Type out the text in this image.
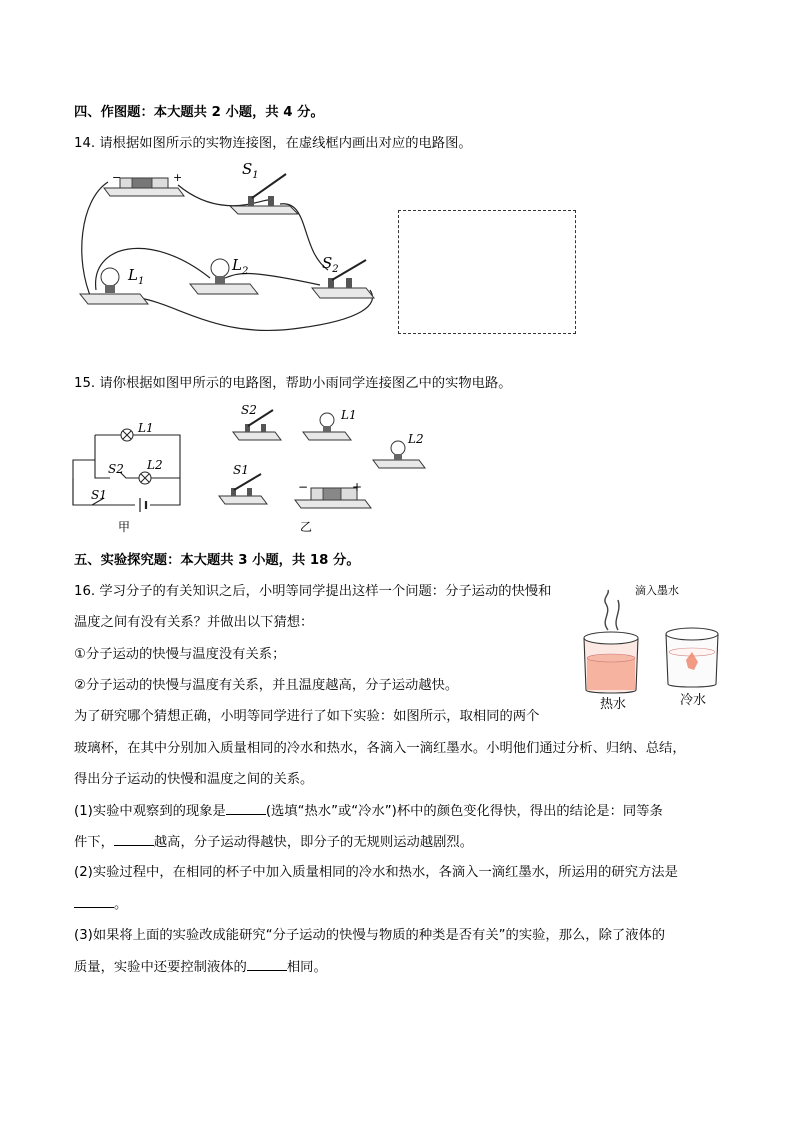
四、作图题：本大题共 2 小题，共 4 分。
14. 请根据如图所示的实物连接图，在虚线框内画出对应的电路图。
−	+	$S_1$
$L_1$
$L_2$	$S_2$
15. 请你根据如图甲所示的电路图，帮助小雨同学连接图乙中的实物电路。
L1
S2 L2
S1
甲
S2	L1
L2
S1
−	+
乙
五、实验探究题：本大题共 3 小题，共 18 分。
16. 学习分子的有关知识之后，小明等同学提出这样一个问题：分子运动的快慢和
温度之间有没有关系？并做出以下猜想：
①分子运动的快慢与温度没有关系；
②分子运动的快慢与温度有关系，并且温度越高，分子运动越快。
为了研究哪个猜想正确，小明等同学进行了如下实验：如图所示，取相同的两个
玻璃杯，在其中分别加入质量相同的冷水和热水，各滴入一滴红墨水。小明他们通过分析、归纳、总结，
得出分子运动的快慢和温度之间的关系。
滴入墨水
热水	冷水
(1)实验中观察到的现象是	(选填“热水”或“冷水”)杯中的颜色变化得快，得出的结论是：同等条
件下，	越高，分子运动得越快，即分子的无规则运动越剧烈。
(2)实验过程中，在相同的杯子中加入质量相同的冷水和热水，各滴入一滴红墨水，所运用的研究方法是
。
(3)如果将上面的实验改成能研究“分子运动的快慢与物质的种类是否有关”的实验，那么，除了液体的
质量，实验中还要控制液体的	相同。
